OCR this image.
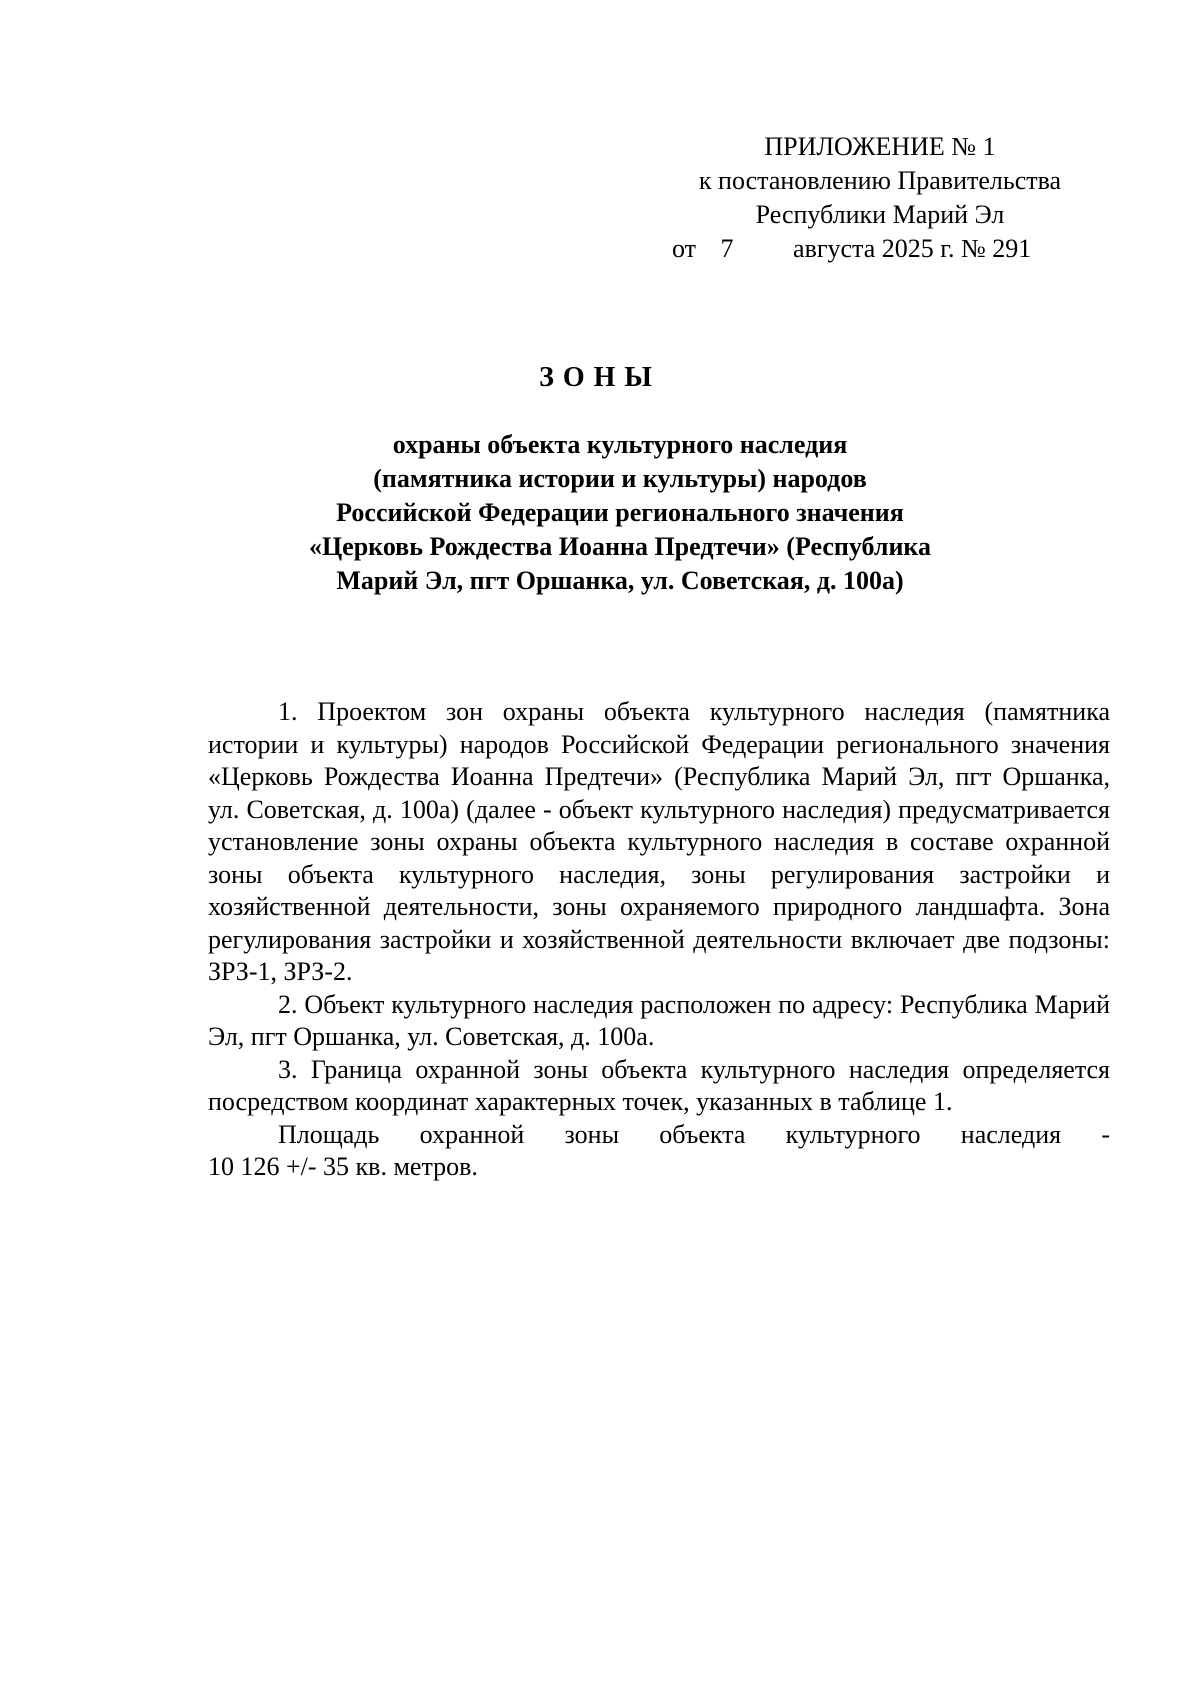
ПРИЛОЖЕНИЕ № 1
к постановлению Правительства
Республики Марий Эл
от 7 августа 2025 г. № 291
ЗОНЫ
охраны объекта культурного наследия
(памятника истории и культуры) народов
Российской Федерации регионального значения
«Церковь Рождества Иоанна Предтечи» (Республика
Марий Эл, пгт Оршанка, ул. Советская, д. 100а)

1. Проектом зон охраны объекта культурного наследия (памятника истории и культуры) народов Российской Федерации регионального значения «Церковь Рождества Иоанна Предтечи» (Республика Марий Эл, пгт Оршанка, ул. Советская, д. 100а) (далее - объект культурного наследия) предусматривается установление зоны охраны объекта культурного наследия в составе охранной зоны объекта культурного наследия, зоны регулирования застройки и хозяйственной деятельности, зоны охраняемого природного ландшафта. Зона регулирования застройки и хозяйственной деятельности включает две подзоны: ЗРЗ-1, ЗРЗ-2.

2. Объект культурного наследия расположен по адресу: Республика Марий Эл, пгт Оршанка, ул. Советская, д. 100а.

3. Граница охранной зоны объекта культурного наследия определяется посредством координат характерных точек, указанных в таблице 1.

Площадь охранной зоны объекта культурного наследия -

10 126 +/- 35 кв. метров.
